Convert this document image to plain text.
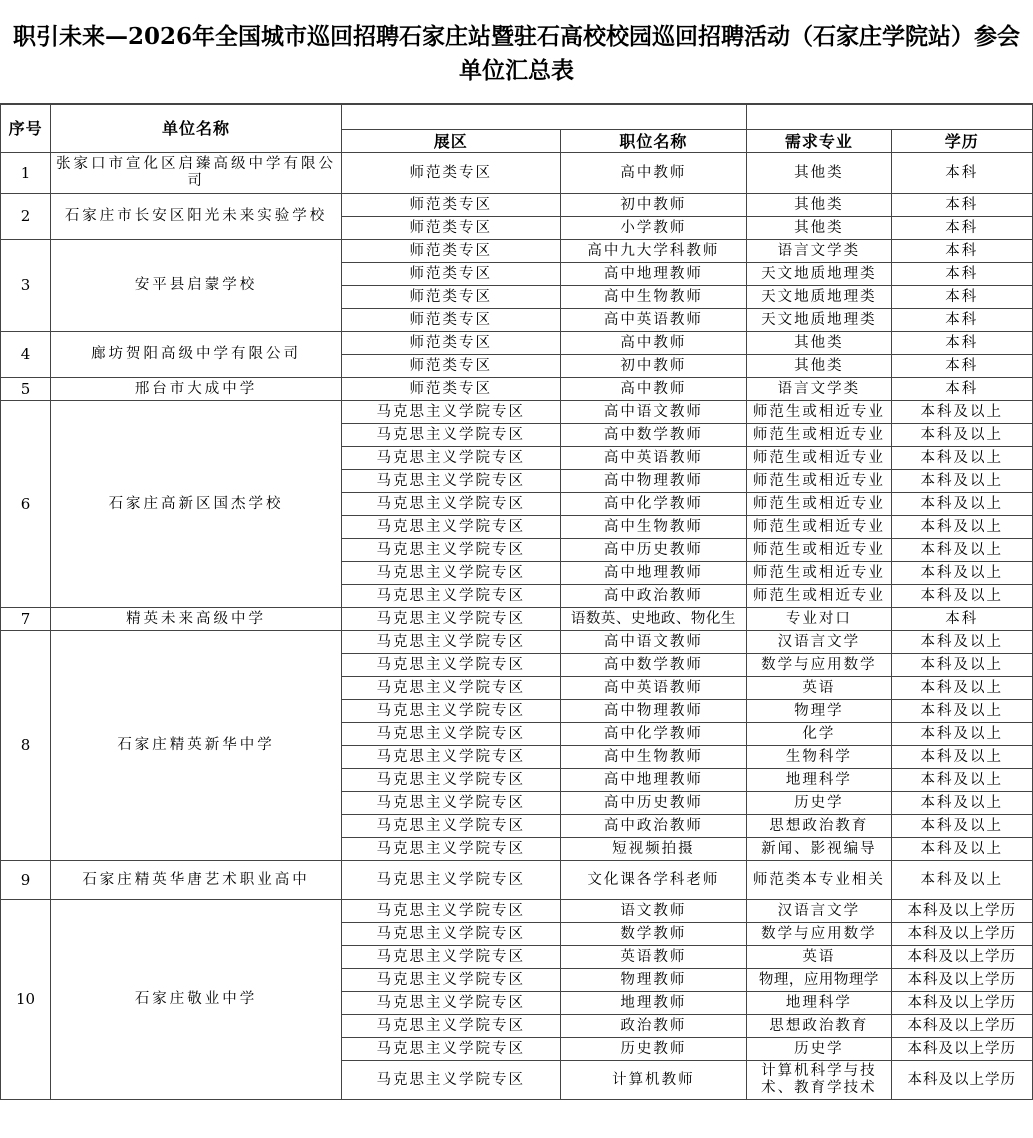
职引未来—2026年全国城市巡回招聘石家庄站暨驻石高校校园巡回招聘活动（石家庄学院站）参会单位汇总表
序号	单位名称				
		展区	职位名称	需求专业	学历
1	张家口市宣化区启臻高级中学有限公司	师范类专区	高中教师	其他类	本科
2	石家庄市长安区阳光未来实验学校	师范类专区	初中教师	其他类	本科
		师范类专区	小学教师	其他类	本科
3	安平县启蒙学校	师范类专区	高中九大学科教师	语言文学类	本科
		师范类专区	高中地理教师	天文地质地理类	本科
		师范类专区	高中生物教师	天文地质地理类	本科
		师范类专区	高中英语教师	天文地质地理类	本科
4	廊坊贺阳高级中学有限公司	师范类专区	高中教师	其他类	本科
		师范类专区	初中教师	其他类	本科
5	邢台市大成中学	师范类专区	高中教师	语言文学类	本科
6	石家庄高新区国杰学校	马克思主义学院专区	高中语文教师	师范生或相近专业	本科及以上
		马克思主义学院专区	高中数学教师	师范生或相近专业	本科及以上
		马克思主义学院专区	高中英语教师	师范生或相近专业	本科及以上
		马克思主义学院专区	高中物理教师	师范生或相近专业	本科及以上
		马克思主义学院专区	高中化学教师	师范生或相近专业	本科及以上
		马克思主义学院专区	高中生物教师	师范生或相近专业	本科及以上
		马克思主义学院专区	高中历史教师	师范生或相近专业	本科及以上
		马克思主义学院专区	高中地理教师	师范生或相近专业	本科及以上
		马克思主义学院专区	高中政治教师	师范生或相近专业	本科及以上
7	精英未来高级中学	马克思主义学院专区	语数英、史地政、物化生	专业对口	本科
8	石家庄精英新华中学	马克思主义学院专区	高中语文教师	汉语言文学	本科及以上
		马克思主义学院专区	高中数学教师	数学与应用数学	本科及以上
		马克思主义学院专区	高中英语教师	英语	本科及以上
		马克思主义学院专区	高中物理教师	物理学	本科及以上
		马克思主义学院专区	高中化学教师	化学	本科及以上
		马克思主义学院专区	高中生物教师	生物科学	本科及以上
		马克思主义学院专区	高中地理教师	地理科学	本科及以上
		马克思主义学院专区	高中历史教师	历史学	本科及以上
		马克思主义学院专区	高中政治教师	思想政治教育	本科及以上
		马克思主义学院专区	短视频拍摄	新闻、影视编导	本科及以上
9	石家庄精英华唐艺术职业高中	马克思主义学院专区	文化课各学科老师	师范类本专业相关	本科及以上
10	石家庄敬业中学	马克思主义学院专区	语文教师	汉语言文学	本科及以上学历
		马克思主义学院专区	数学教师	数学与应用数学	本科及以上学历
		马克思主义学院专区	英语教师	英语	本科及以上学历
		马克思主义学院专区	物理教师	物理，应用物理学	本科及以上学历
		马克思主义学院专区	地理教师	地理科学	本科及以上学历
		马克思主义学院专区	政治教师	思想政治教育	本科及以上学历
		马克思主义学院专区	历史教师	历史学	本科及以上学历
		马克思主义学院专区	计算机教师	计算机科学与技术、教育学技术	本科及以上学历
